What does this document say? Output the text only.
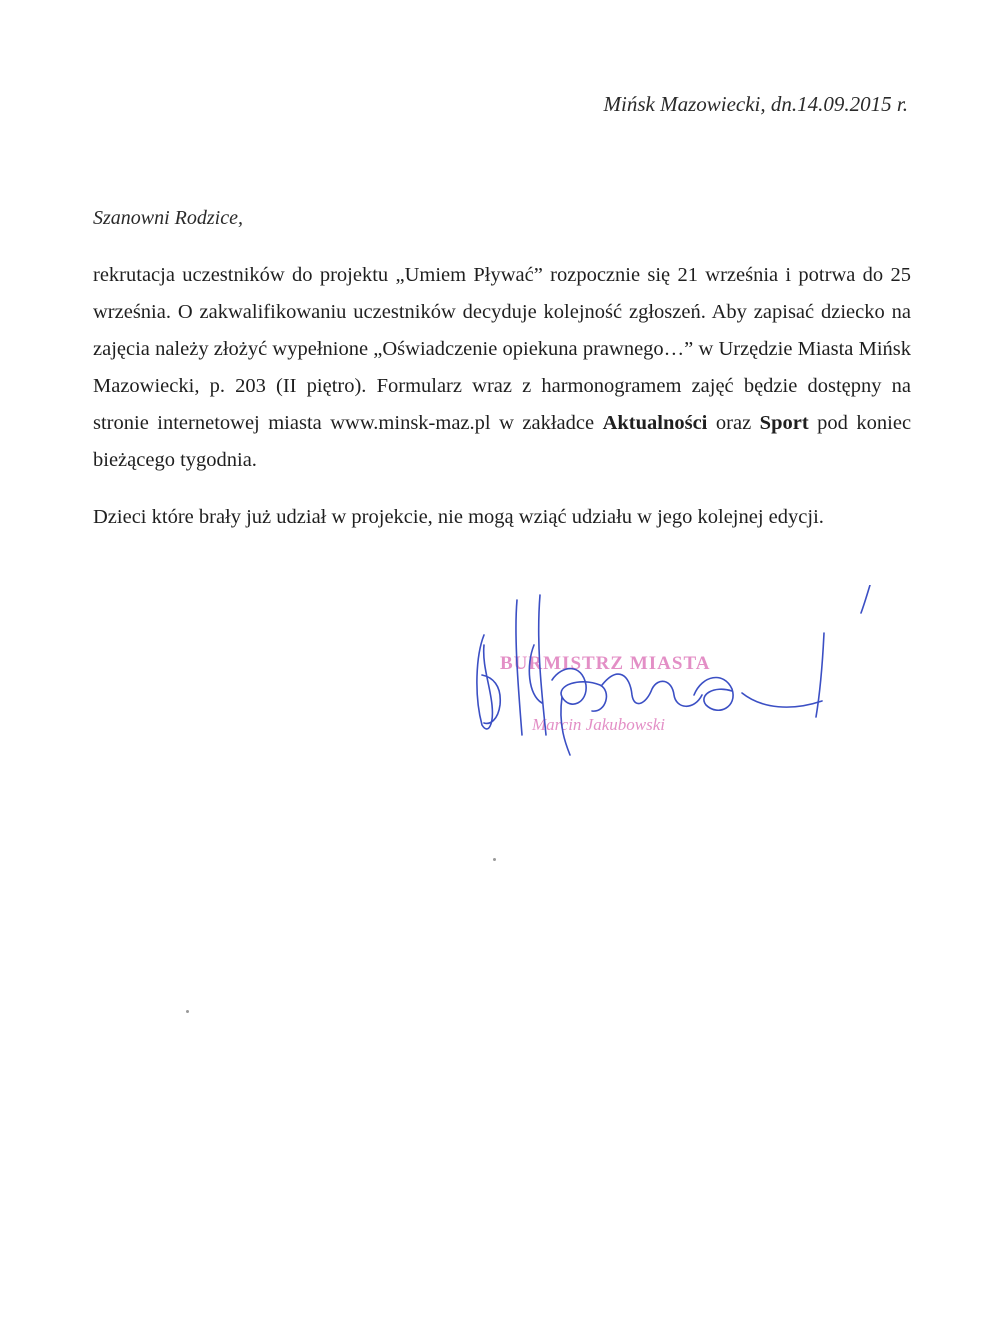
Mińsk Mazowiecki, dn.14.09.2015 r.
Szanowni Rodzice,
rekrutacja uczestników do projektu „Umiem Pływać” rozpocznie się 21 września i potrwa do 25 września. O zakwalifikowaniu uczestników decyduje kolejność zgłoszeń. Aby zapisać dziecko na zajęcia należy złożyć wypełnione „Oświadczenie opiekuna prawnego…” w Urzędzie Miasta Mińsk Mazowiecki, p. 203 (II piętro). Formularz wraz z harmonogramem zajęć będzie dostępny na stronie internetowej miasta www.minsk-maz.pl w zakładce Aktualności oraz Sport pod koniec bieżącego tygodnia.
Dzieci które brały już udział w projekcie, nie mogą wziąć udziału w jego kolejnej edycji.
BURMISTRZ MIASTA
Marcin Jakubowski
